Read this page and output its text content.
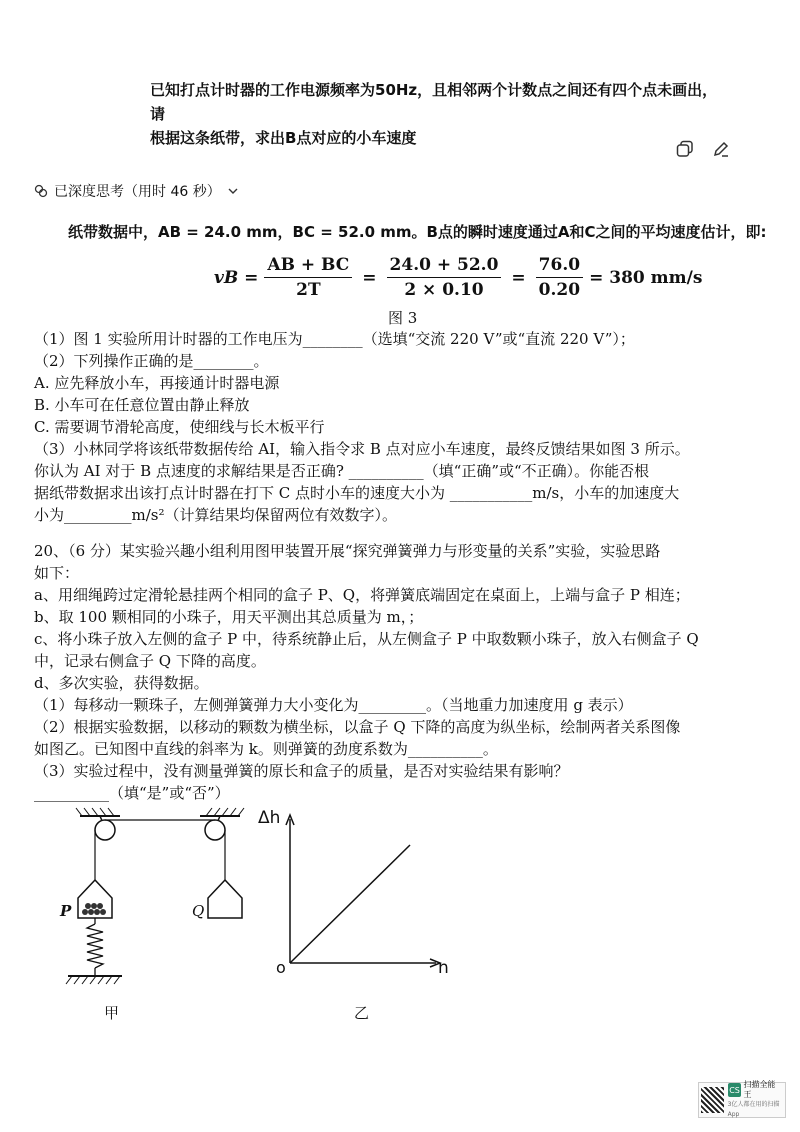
已知打点计时器的工作电源频率为50Hz，且相邻两个计数点之间还有四个点未画出，请
根据这条纸带，求出B点对应的小车速度
已深度思考（用时 46 秒）
纸带数据中，AB = 24.0 mm，BC = 52.0 mm。B点的瞬时速度通过A和C之间的平均速度估计，即:
vB = $\frac{AB + BC}{2T} = \frac{24.0 + 52.0}{2 \times 0.10} = \frac{76.0}{0.20} = 380$ mm/s
图 3
（1）图 1 实验所用计时器的工作电压为________（选填“交流 220 V”或“直流 220 V”）；
（2）下列操作正确的是________。
A. 应先释放小车，再接通计时器电源
B. 小车可在任意位置由静止释放
C. 需要调节滑轮高度，使细线与长木板平行
（3）小林同学将该纸带数据传给 AI，输入指令求 B 点对应小车速度，最终反馈结果如图 3 所示。
你认为 AI 对于 B 点速度的求解结果是否正确? __________（填“正确”或“不正确）。你能否根
据纸带数据求出该打点计时器在打下 C 点时小车的速度大小为 ___________m/s，小车的加速度大
小为_________m/s²（计算结果均保留两位有效数字）。
20、（6 分）某实验兴趣小组利用图甲装置开展“探究弹簧弹力与形变量的关系”实验，实验思路
如下：
a、用细绳跨过定滑轮悬挂两个相同的盒子 P、Q，将弹簧底端固定在桌面上，上端与盒子 P 相连；
b、取 100 颗相同的小珠子，用天平测出其总质量为 m，；
c、将小珠子放入左侧的盒子 P 中，待系统静止后，从左侧盒子 P 中取数颗小珠子，放入右侧盒子 Q
中，记录右侧盒子 Q 下降的高度。
d、多次实验，获得数据。
（1）每移动一颗珠子，左侧弹簧弹力大小变化为_________。（当地重力加速度用 g 表示）
（2）根据实验数据，以移动的颗数为横坐标，以盒子 Q 下降的高度为纵坐标，绘制两者关系图像
如图乙。已知图中直线的斜率为 k。则弹簧的劲度系数为__________。
（3）实验过程中，没有测量弹簧的原长和盒子的质量，是否对实验结果有影响？
__________（填“是”或“否”）
P	Q
甲
Δh
n
o
乙
CS
扫描全能王
3亿人都在用的扫描App
